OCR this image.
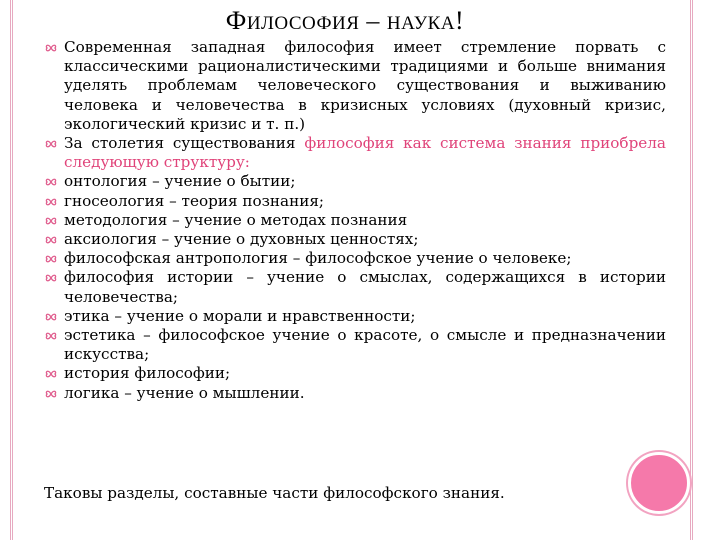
ФИЛОСОФИЯ – НАУКА!
Современная западная философия имеет стремление порвать с классическими рационалистическими традициями и больше внимания уделять проблемам человеческого существования и выживанию человека и человечества в кризисных условиях (духовный кризис, экологический кризис и т. п.)
За столетия существования философия как система знания приобрела следующую структуру:
онтология – учение о бытии;
гносеология – теория познания;
методология – учение о методах познания
аксиология – учение о духовных ценностях;
философская антропология – философское учение о человеке;
философия истории – учение о смыслах, содержащихся в истории человечества;
этика – учение о морали и нравственности;
эстетика – философское учение о красоте, о смысле и предназначении искусства;
история философии;
логика – учение о мышлении.
Таковы разделы, составные части философского знания.
